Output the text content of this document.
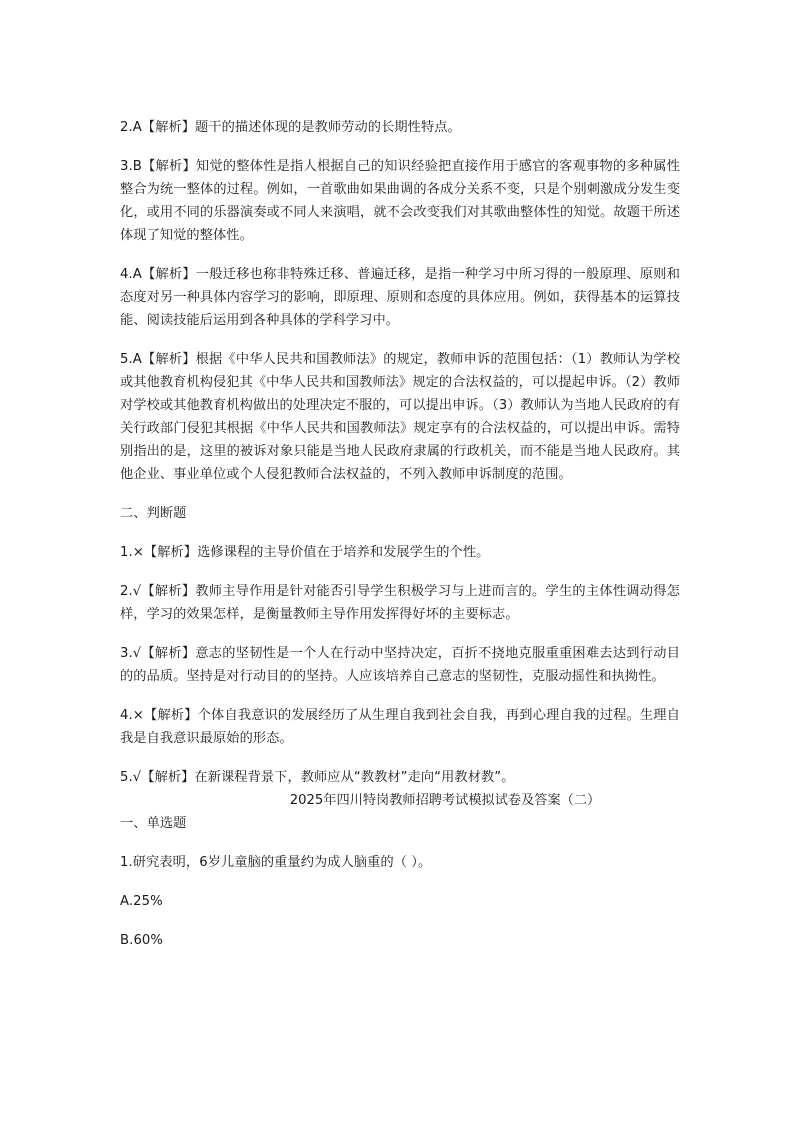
2.A【解析】题干的描述体现的是教师劳动的长期性特点。

3.B【解析】知觉的整体性是指人根据自己的知识经验把直接作用于感官的客观事物的多种属性整合为统一整体的过程。例如，一首歌曲如果曲调的各成分关系不变，只是个别刺激成分发生变化，或用不同的乐器演奏或不同人来演唱，就不会改变我们对其歌曲整体性的知觉。故题干所述体现了知觉的整体性。

4.A【解析】一般迁移也称非特殊迁移、普遍迁移，是指一种学习中所习得的一般原理、原则和态度对另一种具体内容学习的影响，即原理、原则和态度的具体应用。例如，获得基本的运算技能、阅读技能后运用到各种具体的学科学习中。

5.A【解析】根据《中华人民共和国教师法》的规定，教师申诉的范围包括：（1）教师认为学校或其他教育机构侵犯其《中华人民共和国教师法》规定的合法权益的，可以提起申诉。（2）教师对学校或其他教育机构做出的处理决定不服的，可以提出申诉。（3）教师认为当地人民政府的有关行政部门侵犯其根据《中华人民共和国教师法》规定享有的合法权益的，可以提出申诉。需特别指出的是，这里的被诉对象只能是当地人民政府隶属的行政机关，而不能是当地人民政府。其他企业、事业单位或个人侵犯教师合法权益的，不列入教师申诉制度的范围。

二、判断题

1.×【解析】选修课程的主导价值在于培养和发展学生的个性。

2.√【解析】教师主导作用是针对能否引导学生积极学习与上进而言的。学生的主体性调动得怎样，学习的效果怎样，是衡量教师主导作用发挥得好坏的主要标志。

3.√【解析】意志的坚韧性是一个人在行动中坚持决定，百折不挠地克服重重困难去达到行动目的的品质。坚持是对行动目的的坚持。人应该培养自己意志的坚韧性，克服动摇性和执拗性。

4.×【解析】个体自我意识的发展经历了从生理自我到社会自我，再到心理自我的过程。生理自我是自我意识最原始的形态。

5.√【解析】在新课程背景下，教师应从“教教材”走向“用教材教”。

2025年四川特岗教师招聘考试模拟试卷及答案（二）

一、单选题

1.研究表明，6岁儿童脑的重量约为成人脑重的（ ）。

A.25%

B.60%
